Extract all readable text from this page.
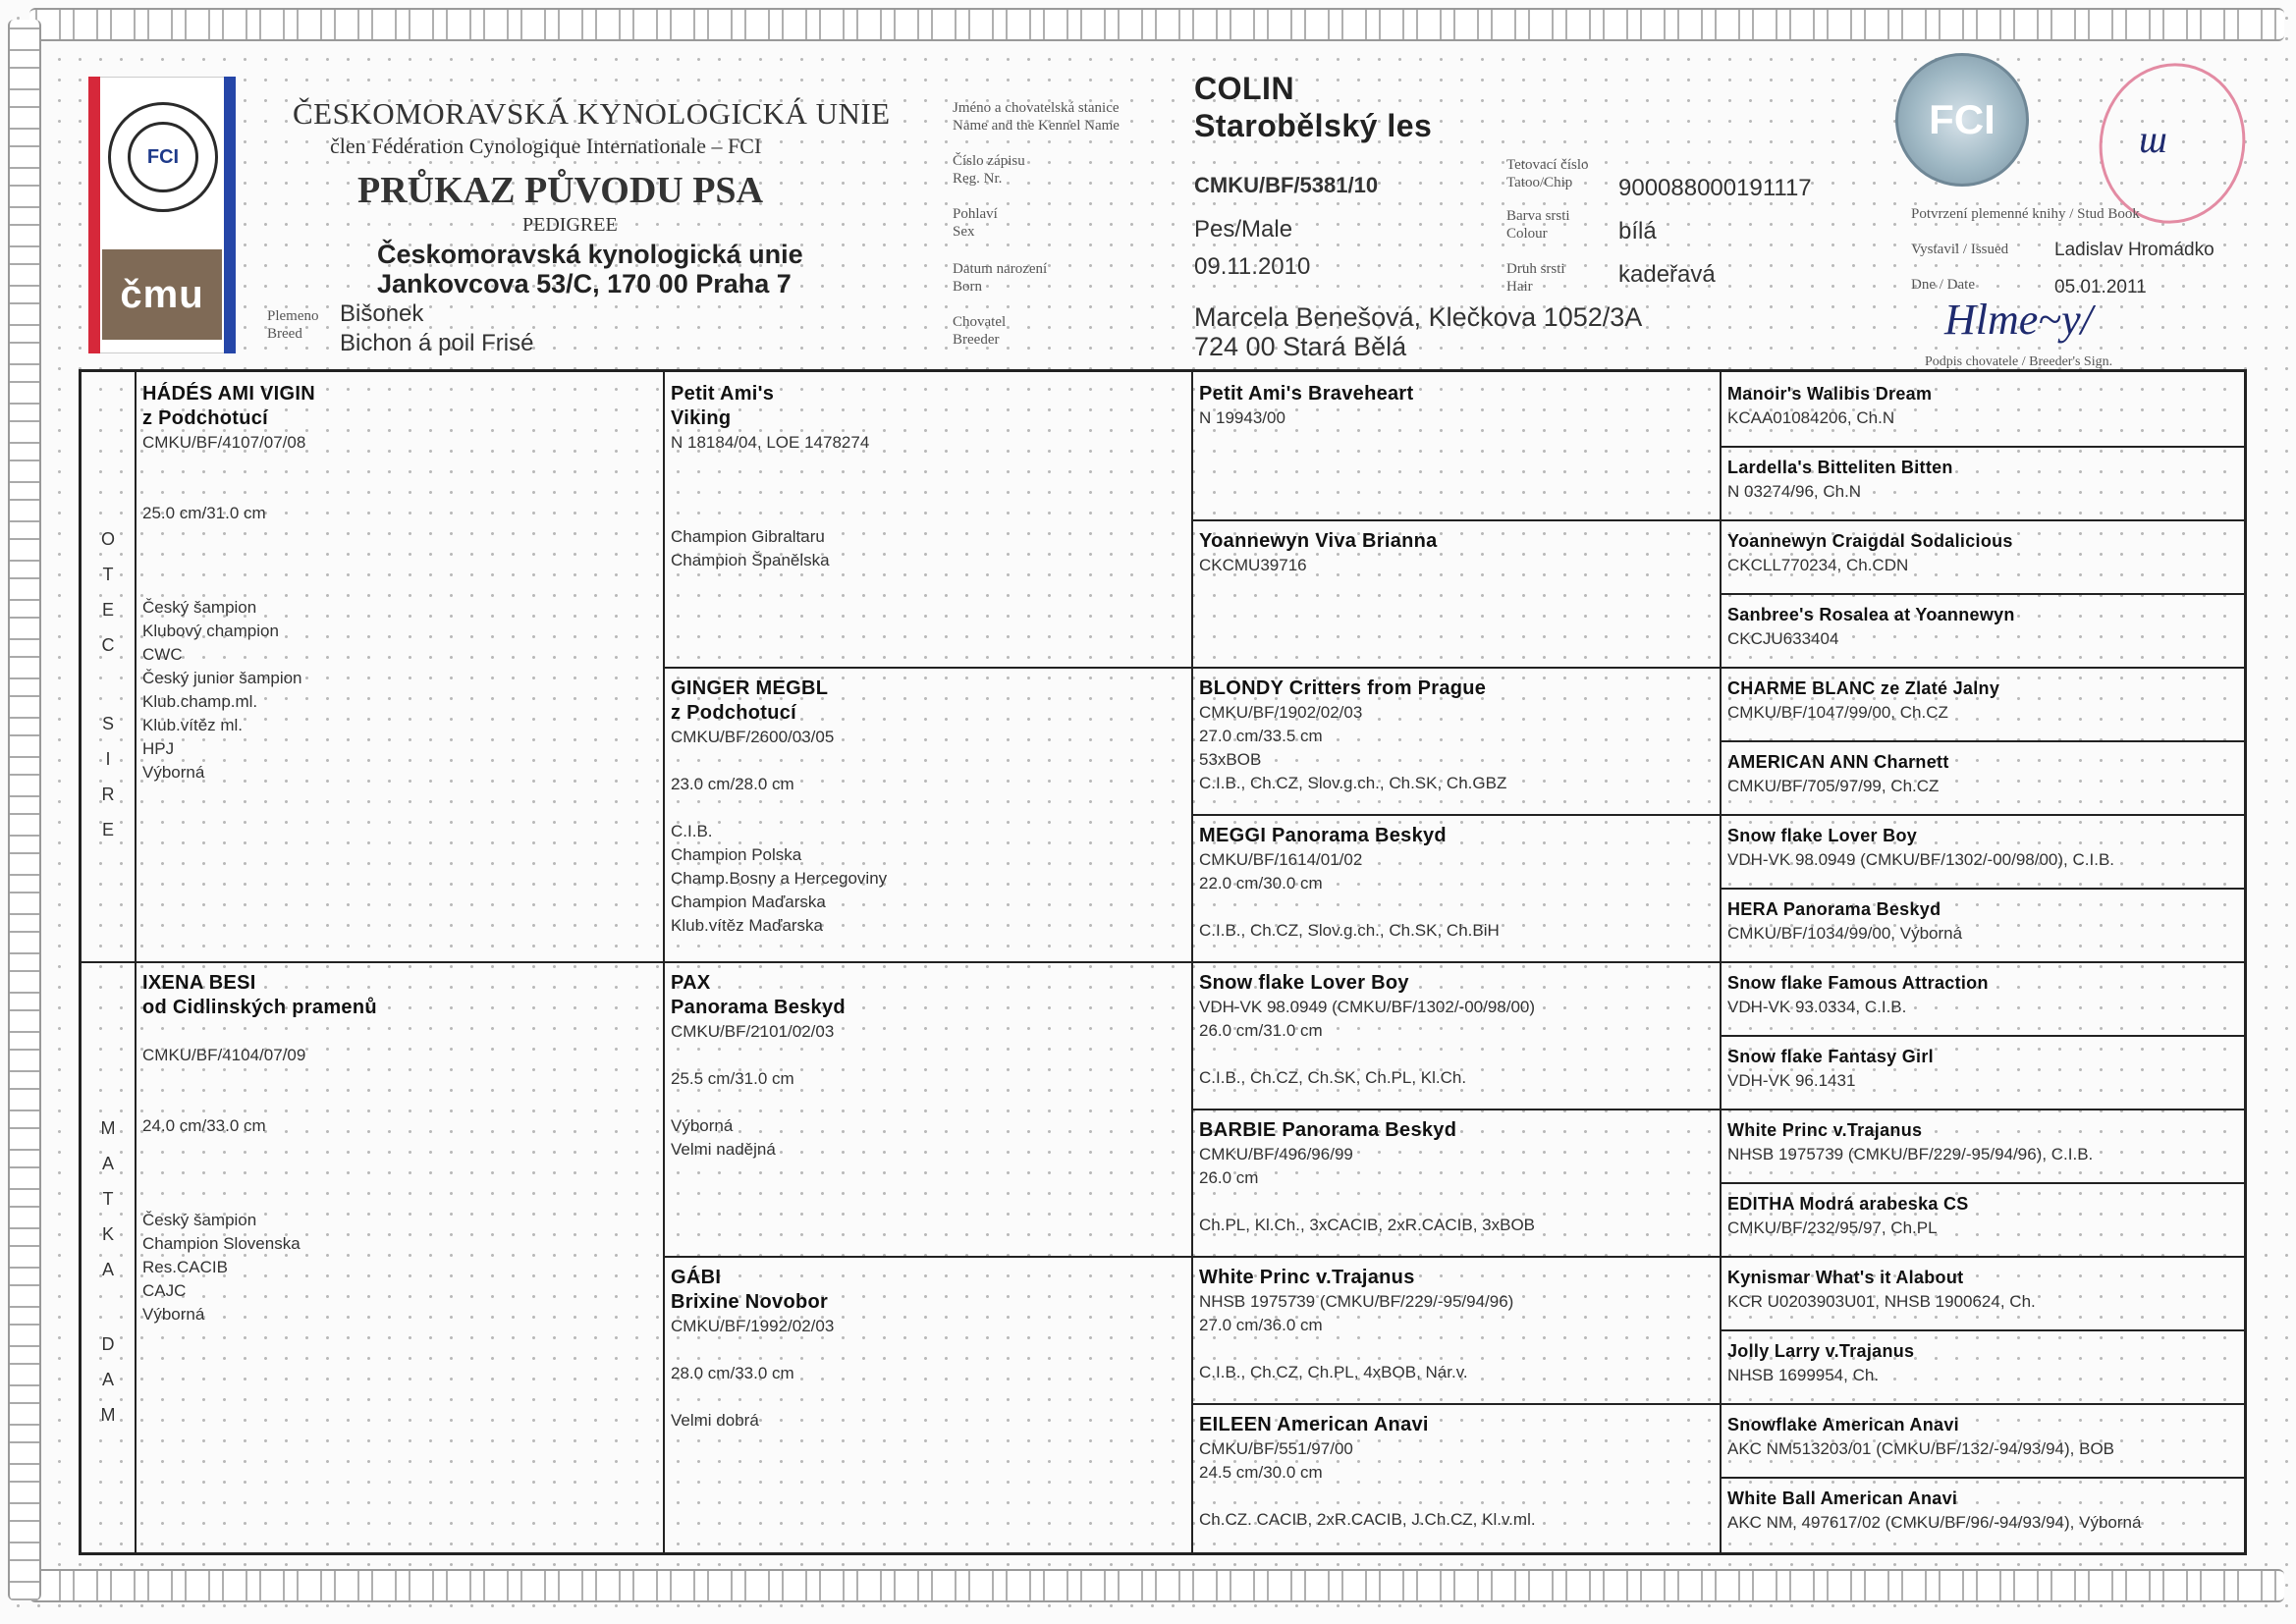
FCI
čmu
ČESKOMORAVSKÁ KYNOLOGICKÁ UNIE
člen Fédération Cynologique Internationale – FCI
PRŮKAZ PŮVODU PSA
PEDIGREE
Českomoravská kynologická unie
Jankovcova 53/C, 170 00 Praha 7
Plemeno
Breed
Bišonek
Bichon á poil Frisé
Jméno a chovatelská stanice
Name and the Kennel Name
Číslo zápisu
Reg. Nr.
Pohlaví
Sex
Datum narození
Born
Chovatel
Breeder
COLIN
Starobělský les
CMKU/BF/5381/10
Pes/Male
09.11.2010
Marcela Benešová, Klečkova 1052/3A
724 00 Stará Bělá
Tetovací číslo
Tatoo/Chip
Barva srsti
Colour
Druh srsti
Hair
900088000191117
bílá
kadeřavá
FCI	ɯ
Potvrzení plemenné knihy / Stud Book
Vystavil / Issued Ladislav Hromádko
Dne / Date	05.01.2011
Hlme~y/
Podpis chovatele / Breeder's Sign.
HÁDÉS AMI VIGIN
z Podchotucí
CMKU/BF/4107/07/08

25.0 cm/31.0 cm

Český šampion
Klubový champion
CWC
Český junior šampion
Klub.champ.ml.
Klub.vítěz ml.
HPJ
Výborná
IXENA BESI
od Cidlinských pramenů

CMKU/BF/4104/07/09

24.0 cm/33.0 cm

Český šampion
Champion Slovenska
Res.CACIB
CAJC
Výborná
Petit Ami's
Viking
N 18184/04, LOE 1478274

Champion Gibraltaru
Champion Španělska
GINGER MEGBL
z Podchotucí
CMKU/BF/2600/03/05

23.0 cm/28.0 cm

C.I.B.
Champion Polska
Champ.Bosny a Hercegoviny
Champion Maďarska
Klub.vítěz Maďarska
PAX
Panorama Beskyd
CMKU/BF/2101/02/03

25.5 cm/31.0 cm

Výborná
Velmi nadějná
GÁBI
Brixine Novobor
CMKU/BF/1992/02/03

28.0 cm/33.0 cm

Velmi dobrá
Petit Ami's Braveheart
N 19943/00
Yoannewyn Viva Brianna
CKCMU39716
BLONDY Critters from Prague
CMKU/BF/1902/02/03
27.0 cm/33.5 cm
53xBOB
C.I.B., Ch.CZ, Slov.g.ch., Ch.SK, Ch.GBZ
MEGGI Panorama Beskyd
CMKU/BF/1614/01/02
22.0 cm/30.0 cm

C.I.B., Ch.CZ, Slov.g.ch., Ch.SK, Ch.BiH
Snow flake Lover Boy
VDH-VK 98.0949 (CMKU/BF/1302/-00/98/00)
26.0 cm/31.0 cm

C.I.B., Ch.CZ, Ch.SK, Ch.PL, Kl.Ch.
BARBIE Panorama Beskyd
CMKU/BF/496/96/99
26.0 cm

Ch.PL, Kl.Ch., 3xCACIB, 2xR.CACIB, 3xBOB
White Princ v.Trajanus
NHSB 1975739 (CMKU/BF/229/-95/94/96)
27.0 cm/36.0 cm

C.I.B., Ch.CZ, Ch.PL, 4xBOB, Nár.v.
EILEEN American Anavi
CMKU/BF/551/97/00
24.5 cm/30.0 cm

Ch.CZ. CACIB, 2xR.CACIB, J.Ch.CZ, Kl.v.ml.
Manoir's Walibis Dream
KCAA01084206, Ch.N
Lardella's Bitteliten Bitten
N 03274/96, Ch.N
Yoannewyn Craigdal Sodalicious
CKCLL770234, Ch.CDN
Sanbree's Rosalea at Yoannewyn
CKCJU633404
CHARME BLANC ze Zlaté Jalny
CMKU/BF/1047/99/00, Ch.CZ
AMERICAN ANN Charnett
CMKU/BF/705/97/99, Ch.CZ
Snow flake Lover Boy
VDH-VK 98.0949 (CMKU/BF/1302/-00/98/00), C.I.B.
HERA Panorama Beskyd
CMKU/BF/1034/99/00, Výborná
Snow flake Famous Attraction
VDH-VK 93.0334, C.I.B.
Snow flake Fantasy Girl
VDH-VK 96.1431
White Princ v.Trajanus
NHSB 1975739 (CMKU/BF/229/-95/94/96), C.I.B.
EDITHA Modrá arabeska CS
CMKU/BF/232/95/97, Ch.PL
Kynismar What's it Alabout
KCR U0203903U01, NHSB 1900624, Ch.
Jolly Larry v.Trajanus
NHSB 1699954, Ch.
Snowflake American Anavi
AKC NM513203/01 (CMKU/BF/132/-94/93/94), BOB
White Ball American Anavi
AKC NM, 497617/02 (CMKU/BF/96/-94/93/94), Výborná
O
T
E
C
S
I
R
E
M
A
T
K
A
D
A
M
